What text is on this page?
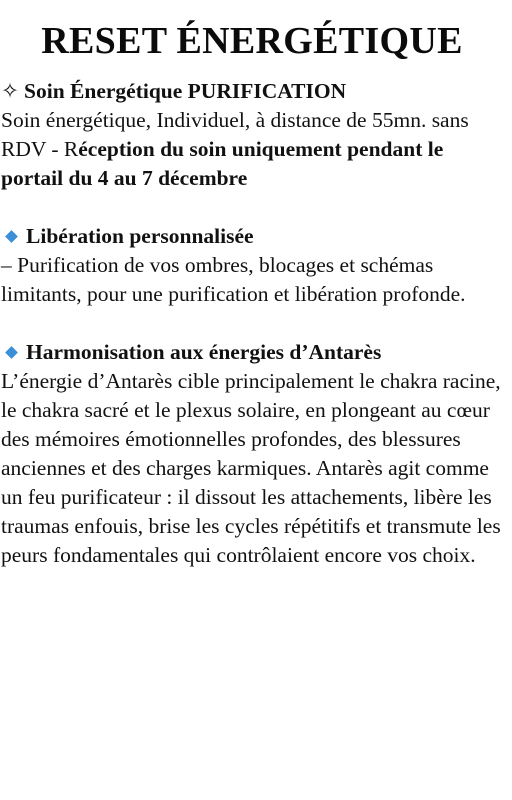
RESET ÉNERGÉTIQUE
✧ Soin Énergétique PURIFICATION
Soin énergétique, Individuel, à distance de 55mn. sans RDV - Réception du soin uniquement pendant le portail du 4 au 7 décembre
Libération personnalisée
– Purification de vos ombres, blocages et schémas limitants, pour une purification et libération profonde.
Harmonisation aux énergies d’Antarès
L’énergie d’Antarès cible principalement le chakra racine, le chakra sacré et le plexus solaire, en plongeant au cœur des mémoires émotionnelles profondes, des blessures anciennes et des charges karmiques. Antarès agit comme un feu purificateur : il dissout les attachements, libère les traumas enfouis, brise les cycles répétitifs et transmute les peurs fondamentales qui contrôlaient encore vos choix.
